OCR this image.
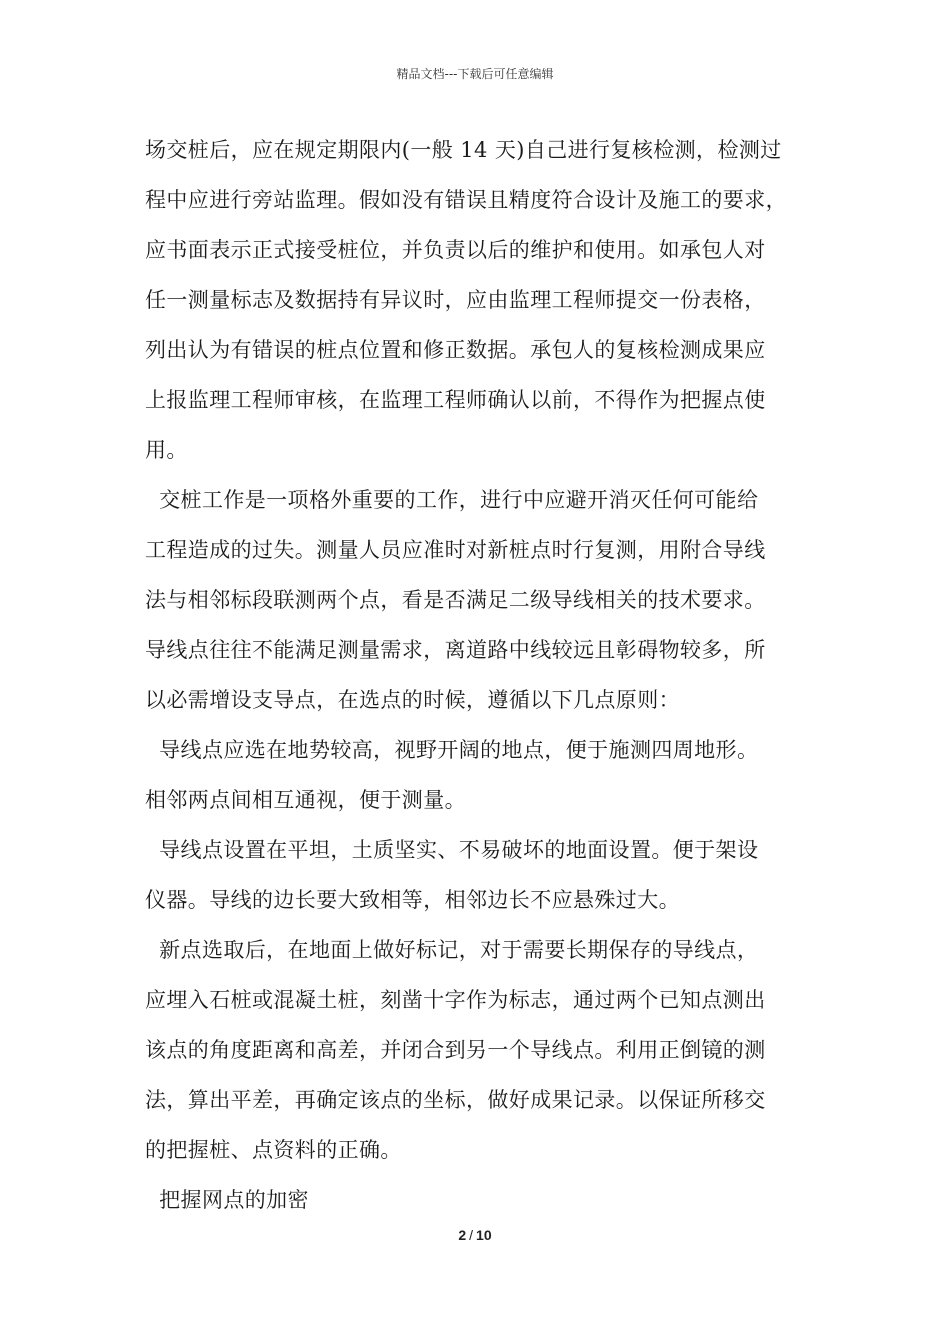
精品文档---下载后可任意编辑
场交桩后，应在规定期限内(一般 14 天)自己进行复核检测，检测过
程中应进行旁站监理。假如没有错误且精度符合设计及施工的要求，
应书面表示正式接受桩位，并负责以后的维护和使用。如承包人对
任一测量标志及数据持有异议时，应由监理工程师提交一份表格，
列出认为有错误的桩点位置和修正数据。承包人的复核检测成果应
上报监理工程师审核，在监理工程师确认以前，不得作为把握点使
用。
交桩工作是一项格外重要的工作，进行中应避开消灭任何可能给
工程造成的过失。测量人员应准时对新桩点时行复测，用附合导线
法与相邻标段联测两个点，看是否满足二级导线相关的技术要求。
导线点往往不能满足测量需求，离道路中线较远且彰碍物较多，所
以必需增设支导点，在选点的时候，遵循以下几点原则：
导线点应选在地势较高，视野开阔的地点，便于施测四周地形。
相邻两点间相互通视，便于测量。
导线点设置在平坦，土质坚实、不易破坏的地面设置。便于架设
仪器。导线的边长要大致相等，相邻边长不应悬殊过大。
新点选取后，在地面上做好标记，对于需要长期保存的导线点，
应埋入石桩或混凝土桩，刻凿十字作为标志，通过两个已知点测出
该点的角度距离和高差，并闭合到另一个导线点。利用正倒镜的测
法，算出平差，再确定该点的坐标，做好成果记录。以保证所移交
的把握桩、点资料的正确。
把握网点的加密
2 / 10
